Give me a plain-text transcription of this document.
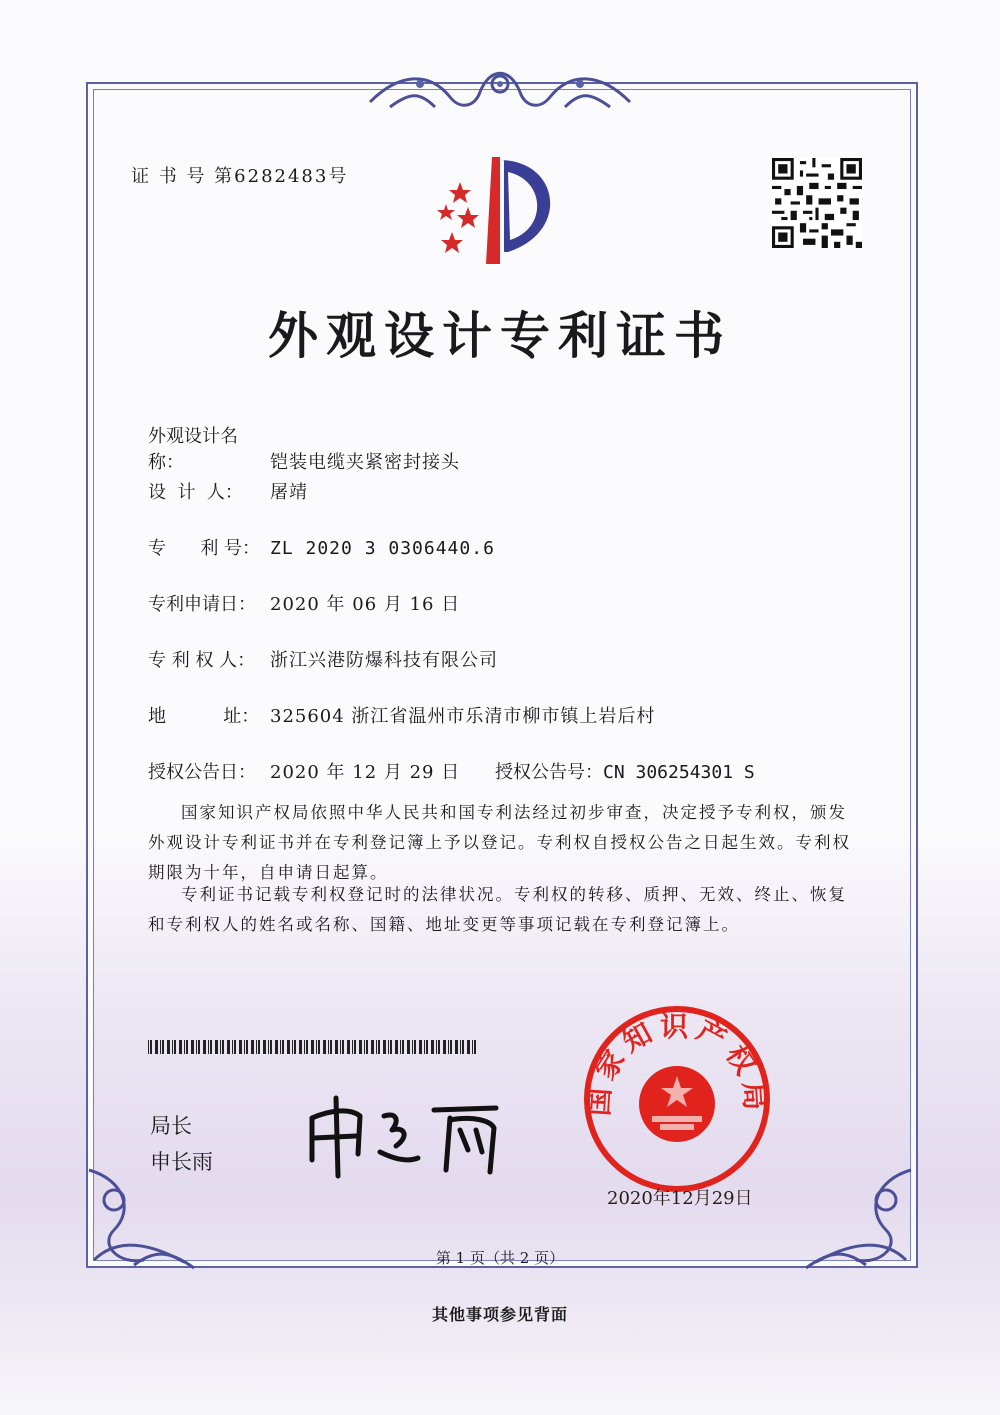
证 书 号 第6282483号
外观设计专利证书
外观设计名称：	铠装电缆夹紧密封接头
设  计  人： 屠靖
专      利 号： ZL 2020 3 0306440.6
专利申请日： 2020 年 06 月 16 日
专 利 权 人： 浙江兴港防爆科技有限公司
地          址： 325604 浙江省温州市乐清市柳市镇上岩后村
授权公告日： 2020 年 12 月 29 日 授权公告号：CN 306254301 S
国家知识产权局依照中华人民共和国专利法经过初步审查，决定授予专利权，颁发外观设计专利证书并在专利登记簿上予以登记。专利权自授权公告之日起生效。专利权期限为十年，自申请日起算。
专利证书记载专利权登记时的法律状况。专利权的转移、质押、无效、终止、恢复和专利权人的姓名或名称、国籍、地址变更等事项记载在专利登记簿上。
局长
申长雨
国家知识产权局
2020年12月29日
第 1 页（共 2 页）
其他事项参见背面
